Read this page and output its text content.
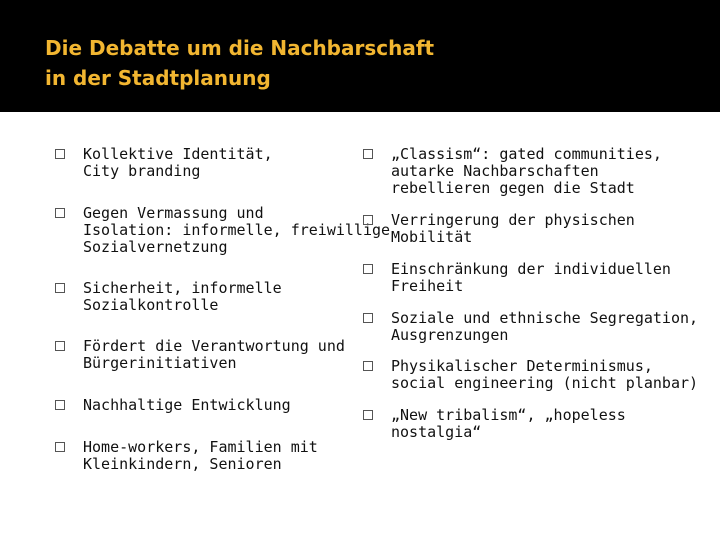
Die Debatte um die Nachbarschaft
in der Stadtplanung
Kollektive Identität,
City branding
Gegen Vermassung und
Isolation: informelle, freiwillige
Sozialvernetzung
Sicherheit, informelle
Sozialkontrolle
Fördert die Verantwortung und
Bürgerinitiativen
Nachhaltige Entwicklung
Home-workers, Familien mit
Kleinkindern, Senioren
„Classism“: gated communities,
autarke Nachbarschaften
rebellieren gegen die Stadt
Verringerung der physischen
Mobilität
Einschränkung der individuellen
Freiheit
Soziale und ethnische Segregation,
Ausgrenzungen
Physikalischer Determinismus,
social engineering (nicht planbar)
„New tribalism“, „hopeless
nostalgia“
